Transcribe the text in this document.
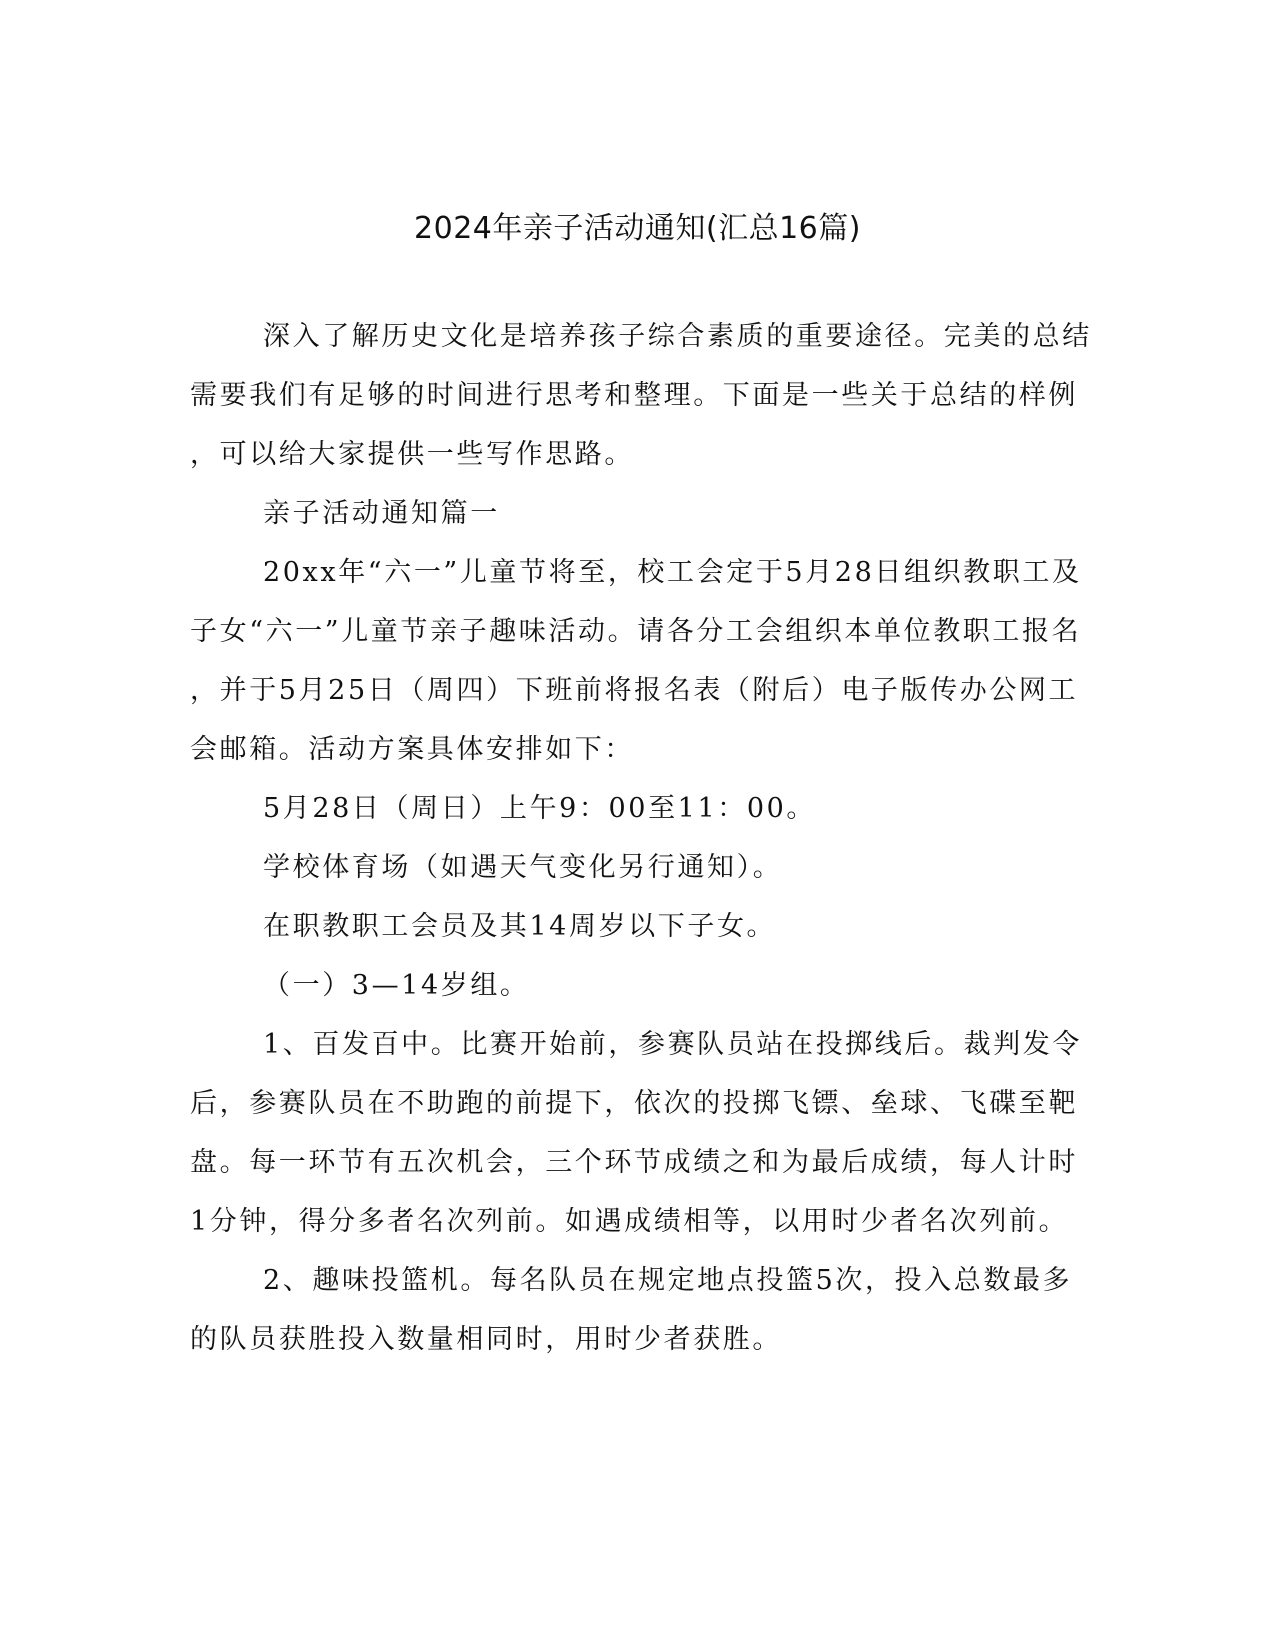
2024年亲子活动通知(汇总16篇)
深入了解历史文化是培养孩子综合素质的重要途径。完美的总结
需要我们有足够的时间进行思考和整理。下面是一些关于总结的样例
，可以给大家提供一些写作思路。
亲子活动通知篇一
20xx年“六一”儿童节将至，校工会定于5月28日组织教职工及
子女“六一”儿童节亲子趣味活动。请各分工会组织本单位教职工报名
，并于5月25日（周四）下班前将报名表（附后）电子版传办公网工
会邮箱。活动方案具体安排如下：
5月28日（周日）上午9：00至11：00。
学校体育场（如遇天气变化另行通知）。
在职教职工会员及其14周岁以下子女。
（一）3—14岁组。
1、百发百中。比赛开始前，参赛队员站在投掷线后。裁判发令
后，参赛队员在不助跑的前提下，依次的投掷飞镖、垒球、飞碟至靶
盘。每一环节有五次机会，三个环节成绩之和为最后成绩，每人计时
1分钟，得分多者名次列前。如遇成绩相等，以用时少者名次列前。
2、趣味投篮机。每名队员在规定地点投篮5次，投入总数最多
的队员获胜投入数量相同时，用时少者获胜。
